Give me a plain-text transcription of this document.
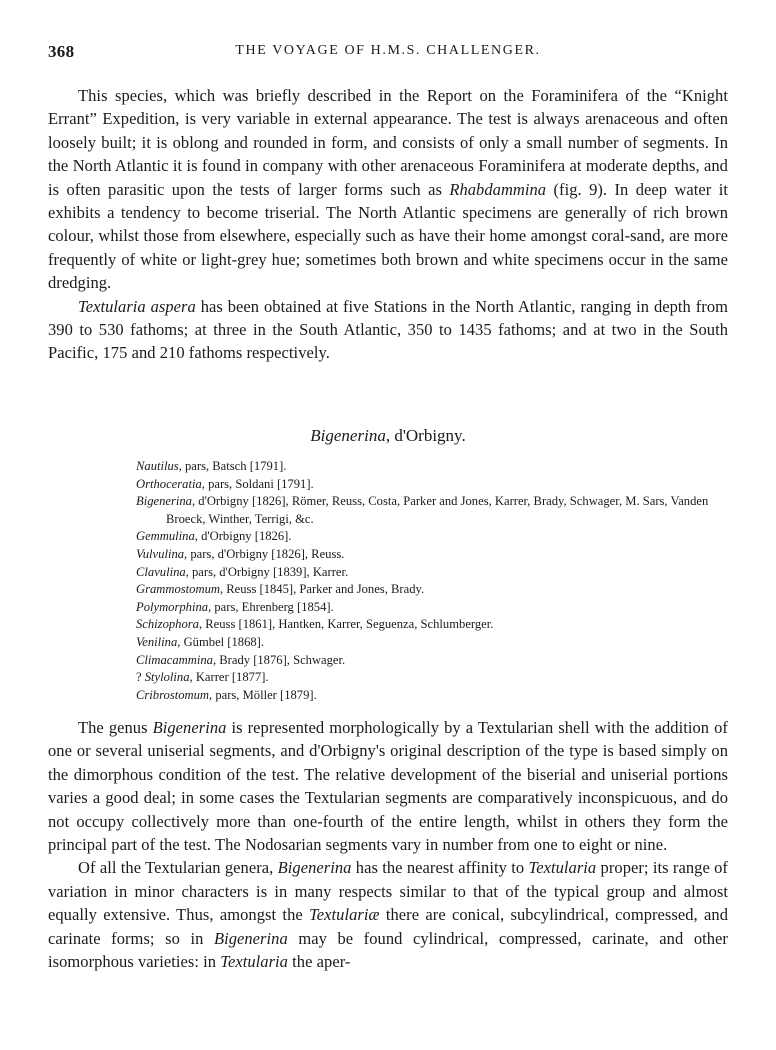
368	THE VOYAGE OF H.M.S. CHALLENGER.

This species, which was briefly described in the Report on the Foraminifera of the “Knight Errant” Expedition, is very variable in external appearance. The test is always arenaceous and often loosely built; it is oblong and rounded in form, and consists of only a small number of segments. In the North Atlantic it is found in company with other arenaceous Foraminifera at moderate depths, and is often parasitic upon the tests of larger forms such as Rhabdammina (fig. 9). In deep water it exhibits a tendency to become triserial. The North Atlantic specimens are generally of rich brown colour, whilst those from elsewhere, especially such as have their home amongst coral-sand, are more frequently of white or light-grey hue; sometimes both brown and white specimens occur in the same dredging.

Textularia aspera has been obtained at five Stations in the North Atlantic, ranging in depth from 390 to 530 fathoms; at three in the South Atlantic, 350 to 1435 fathoms; and at two in the South Pacific, 175 and 210 fathoms respectively.

Bigenerina, d'Orbigny.
Nautilus, pars, Batsch [1791].
Orthoceratia, pars, Soldani [1791].
Bigenerina, d'Orbigny [1826], Römer, Reuss, Costa, Parker and Jones, Karrer, Brady, Schwager, M. Sars, Vanden Broeck, Winther, Terrigi, &c.
Gemmulina, d'Orbigny [1826].
Vulvulina, pars, d'Orbigny [1826], Reuss.
Clavulina, pars, d'Orbigny [1839], Karrer.
Grammostomum, Reuss [1845], Parker and Jones, Brady.
Polymorphina, pars, Ehrenberg [1854].
Schizophora, Reuss [1861], Hantken, Karrer, Seguenza, Schlumberger.
Venilina, Gümbel [1868].
Climacammina, Brady [1876], Schwager.
? Stylolina, Karrer [1877].
Cribrostomum, pars, Möller [1879].

The genus Bigenerina is represented morphologically by a Textularian shell with the addition of one or several uniserial segments, and d'Orbigny's original description of the type is based simply on the dimorphous condition of the test. The relative development of the biserial and uniserial portions varies a good deal; in some cases the Textularian segments are comparatively inconspicuous, and do not occupy collectively more than one-fourth of the entire length, whilst in others they form the principal part of the test. The Nodosarian segments vary in number from one to eight or nine.

Of all the Textularian genera, Bigenerina has the nearest affinity to Textularia proper; its range of variation in minor characters is in many respects similar to that of the typical group and almost equally extensive. Thus, amongst the Textulariæ there are conical, subcylindrical, compressed, and carinate forms; so in Bigenerina may be found cylindrical, compressed, carinate, and other isomorphous varieties: in Textularia the aper-
